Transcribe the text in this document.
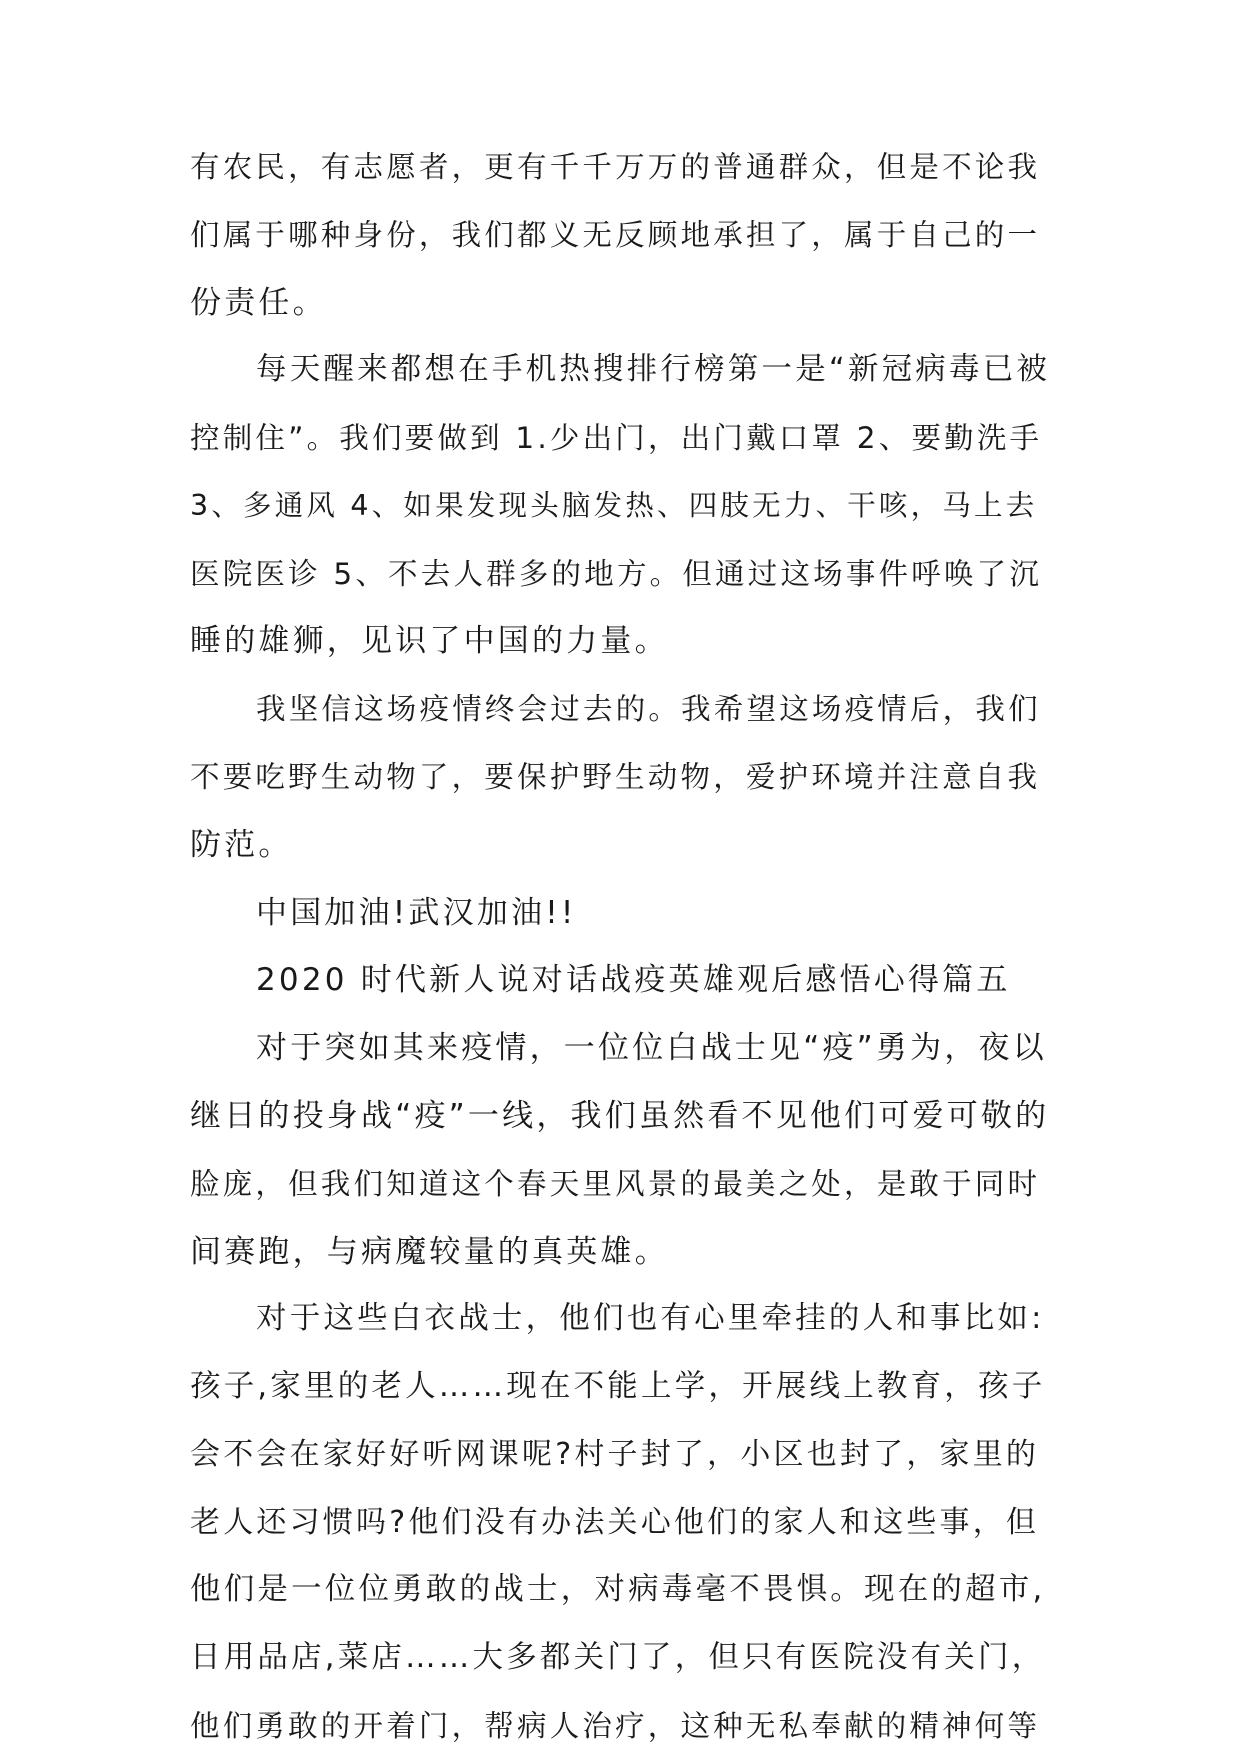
有农民，有志愿者，更有千千万万的普通群众，但是不论我
们属于哪种身份，我们都义无反顾地承担了，属于自己的一
份责任。
每天醒来都想在手机热搜排行榜第一是“新冠病毒已被
控制住”。我们要做到 1.少出门，出门戴口罩 2、要勤洗手
3、多通风 4、如果发现头脑发热、四肢无力、干咳，马上去
医院医诊 5、不去人群多的地方。但通过这场事件呼唤了沉
睡的雄狮，见识了中国的力量。
我坚信这场疫情终会过去的。我希望这场疫情后，我们
不要吃野生动物了，要保护野生动物，爱护环境并注意自我
防范。
中国加油!武汉加油!!
2020 时代新人说对话战疫英雄观后感悟心得篇五
对于突如其来疫情，一位位白战士见“疫”勇为，夜以
继日的投身战“疫”一线，我们虽然看不见他们可爱可敬的
脸庞，但我们知道这个春天里风景的最美之处，是敢于同时
间赛跑，与病魔较量的真英雄。
对于这些白衣战士，他们也有心里牵挂的人和事比如:
孩子,家里的老人……现在不能上学，开展线上教育，孩子
会不会在家好好听网课呢?村子封了，小区也封了，家里的
老人还习惯吗?他们没有办法关心他们的家人和这些事，但
他们是一位位勇敢的战士，对病毒毫不畏惧。现在的超市,
日用品店,菜店……大多都关门了，但只有医院没有关门，
他们勇敢的开着门，帮病人治疗，这种无私奉献的精神何等
